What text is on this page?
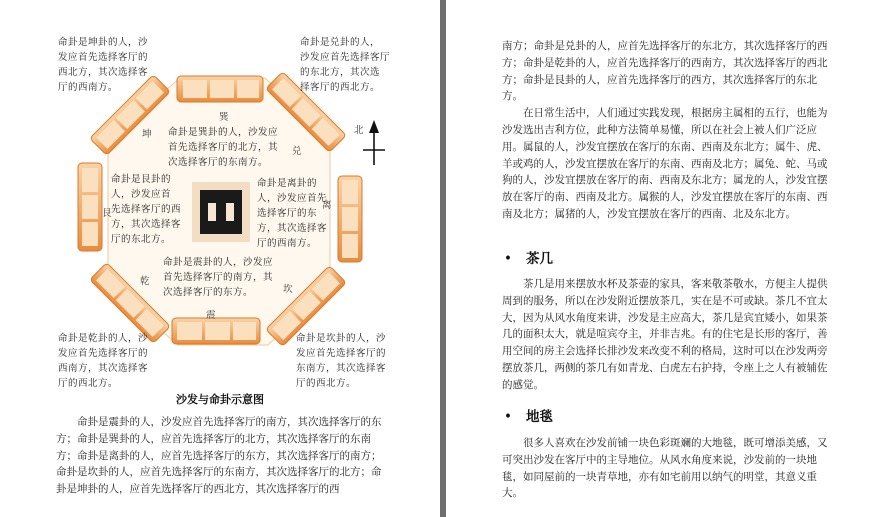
巽
坤
兑
艮
离
乾
坎
震
北
命卦是坤卦的人，沙
发应首先选择客厅的
西北方，其次选择客
厅的西南方。
命卦是兑卦的人，
沙发应首先选择客厅
的东北方，其次选
择客厅的西北方。
命卦是乾卦的人，沙
发应首先选择客厅的
西南方，其次选择客
厅的西北方。
命卦是坎卦的人，沙
发应首先选择客厅的
东南方，其次选择客
厅的西北方。
命卦是巽卦的人，沙发应
首先选择客厅的北方，其
次选择客厅的东南方。
命卦是艮卦的
人，沙发应首
先选择客厅的西
方，其次选择客
厅的东北方。
命卦是离卦的
人，沙发应首先
选择客厅的东
方，其次选择客
厅的西南方。
命卦是震卦的人，沙发应
首先选择客厅的南方，其
次选择客厅的东方。
沙发与命卦示意图

命卦是震卦的人，沙发应首先选择客厅的南方，其次选择客厅的东方；命卦是巽卦的人，应首先选择客厅的北方，其次选择客厅的东南方；命卦是离卦的人，应首先选择客厅的东方，其次选择客厅的南方；命卦是坎卦的人，应首先选择客厅的东南方，其次选择客厅的北方；命卦是坤卦的人，应首先选择客厅的西北方，其次选择客厅的西

南方；命卦是兑卦的人，应首先选择客厅的东北方，其次选择客厅的西方；命卦是乾卦的人，应首先选择客厅的西南方，其次选择客厅的西北方；命卦是艮卦的人，应首先选择客厅的西方，其次选择客厅的东北方。

在日常生活中，人们通过实践发现，根据房主属相的五行，也能为沙发选出吉利方位，此种方法简单易懂，所以在社会上被人们广泛应用。属鼠的人，沙发宜摆放在客厅的东南、西南及东北方；属牛、虎、羊或鸡的人，沙发宜摆放在客厅的东南、西南及北方；属兔、蛇、马或狗的人，沙发宜摆放在客厅的南、西南及东北方；属龙的人，沙发宜摆放在客厅的南、西南及北方。属猴的人，沙发宜摆放在客厅的东南、西南及北方；属猪的人，沙发宜摆放在客厅的西南、北及东北方。

• 茶几

茶几是用来摆放水杯及茶壶的家具，客来敬茶敬水，方便主人提供周到的服务，所以在沙发附近摆放茶几，实在是不可或缺。茶几不宜太大，因为从风水角度来讲，沙发是主应高大，茶几是宾宜矮小，如果茶几的面积太大，就是喧宾夺主，并非吉兆。有的住宅是长形的客厅，善用空间的房主会选择长排沙发来改变不利的格局，这时可以在沙发两旁摆放茶几，两侧的茶几有如青龙、白虎左右护持，令座上之人有被辅佐的感觉。

• 地毯

很多人喜欢在沙发前铺一块色彩斑斓的大地毯，既可增添美感，又可突出沙发在客厅中的主导地位。从风水角度来说，沙发前的一块地毯，如同屋前的一块青草地，亦有如宅前用以纳气的明堂，其意义重大。
